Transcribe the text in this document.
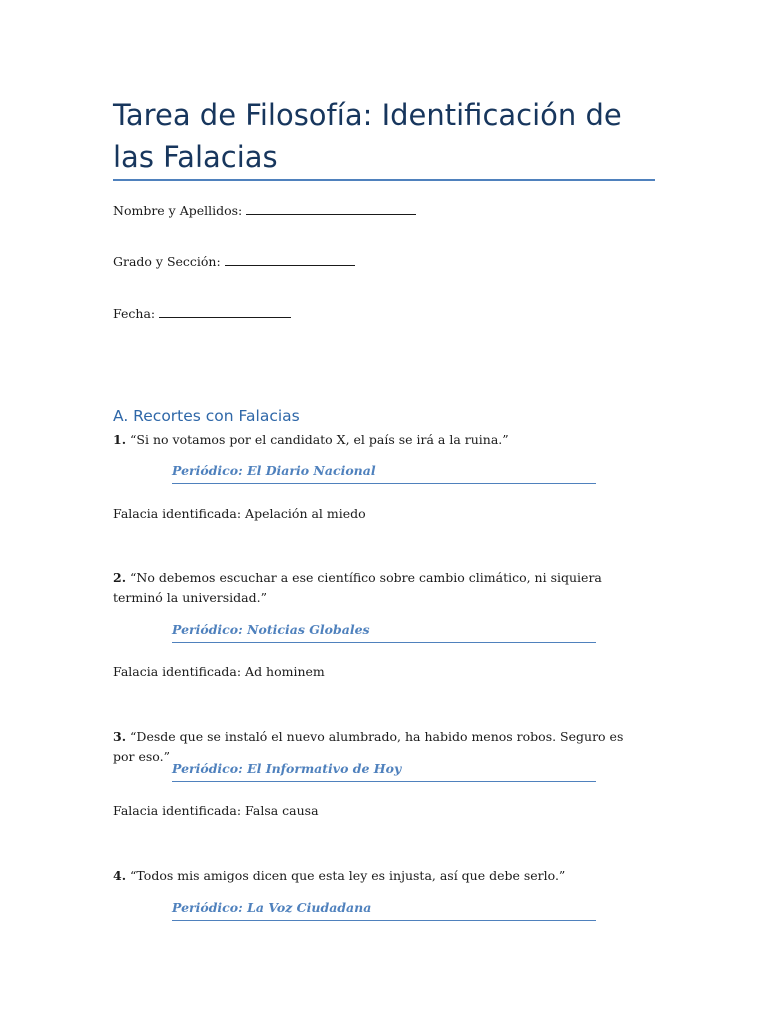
Tarea de Filosofía: Identificación de las Falacias
Nombre y Apellidos:
Grado y Sección:
Fecha:
A. Recortes con Falacias
1. “Si no votamos por el candidato X, el país se irá a la ruina.”
Periódico: El Diario Nacional
Falacia identificada: Apelación al miedo
2. “No debemos escuchar a ese científico sobre cambio climático, ni siquiera terminó la universidad.”
Periódico: Noticias Globales
Falacia identificada: Ad hominem
3. “Desde que se instaló el nuevo alumbrado, ha habido menos robos. Seguro es por eso.”
Periódico: El Informativo de Hoy
Falacia identificada: Falsa causa
4. “Todos mis amigos dicen que esta ley es injusta, así que debe serlo.”
Periódico: La Voz Ciudadana
